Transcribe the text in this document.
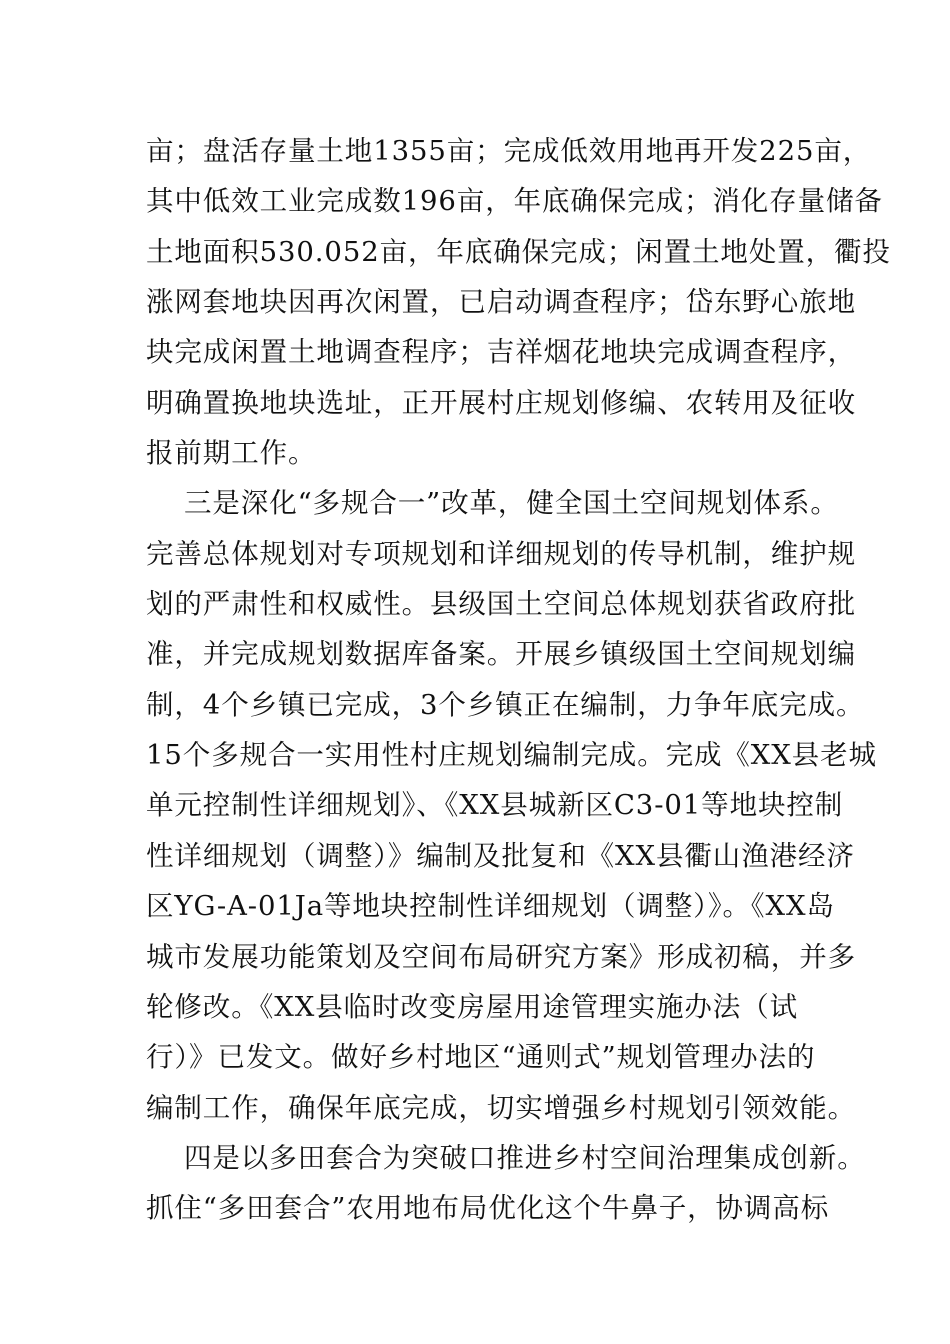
亩；盘活存量土地1355亩；完成低效用地再开发225亩，
其中低效工业完成数196亩，年底确保完成；消化存量储备
土地面积530.052亩，年底确保完成；闲置土地处置，衢投
涨网套地块因再次闲置，已启动调查程序；岱东野心旅地
块完成闲置土地调查程序；吉祥烟花地块完成调查程序，
明确置换地块选址，正开展村庄规划修编、农转用及征收
报前期工作。
三是深化“多规合一”改革，健全国土空间规划体系。
完善总体规划对专项规划和详细规划的传导机制，维护规
划的严肃性和权威性。县级国土空间总体规划获省政府批
准，并完成规划数据库备案。开展乡镇级国土空间规划编
制，4个乡镇已完成，3个乡镇正在编制，力争年底完成。
15个多规合一实用性村庄规划编制完成。完成《XX县老城
单元控制性详细规划》、《XX县城新区C3-01等地块控制
性详细规划（调整）》编制及批复和《XX县衢山渔港经济
区YG-A-01Ja等地块控制性详细规划（调整）》。《XX岛
城市发展功能策划及空间布局研究方案》形成初稿，并多
轮修改。《XX县临时改变房屋用途管理实施办法（试
行）》已发文。做好乡村地区“通则式”规划管理办法的
编制工作，确保年底完成，切实增强乡村规划引领效能。
四是以多田套合为突破口推进乡村空间治理集成创新。
抓住“多田套合”农用地布局优化这个牛鼻子，协调高标
